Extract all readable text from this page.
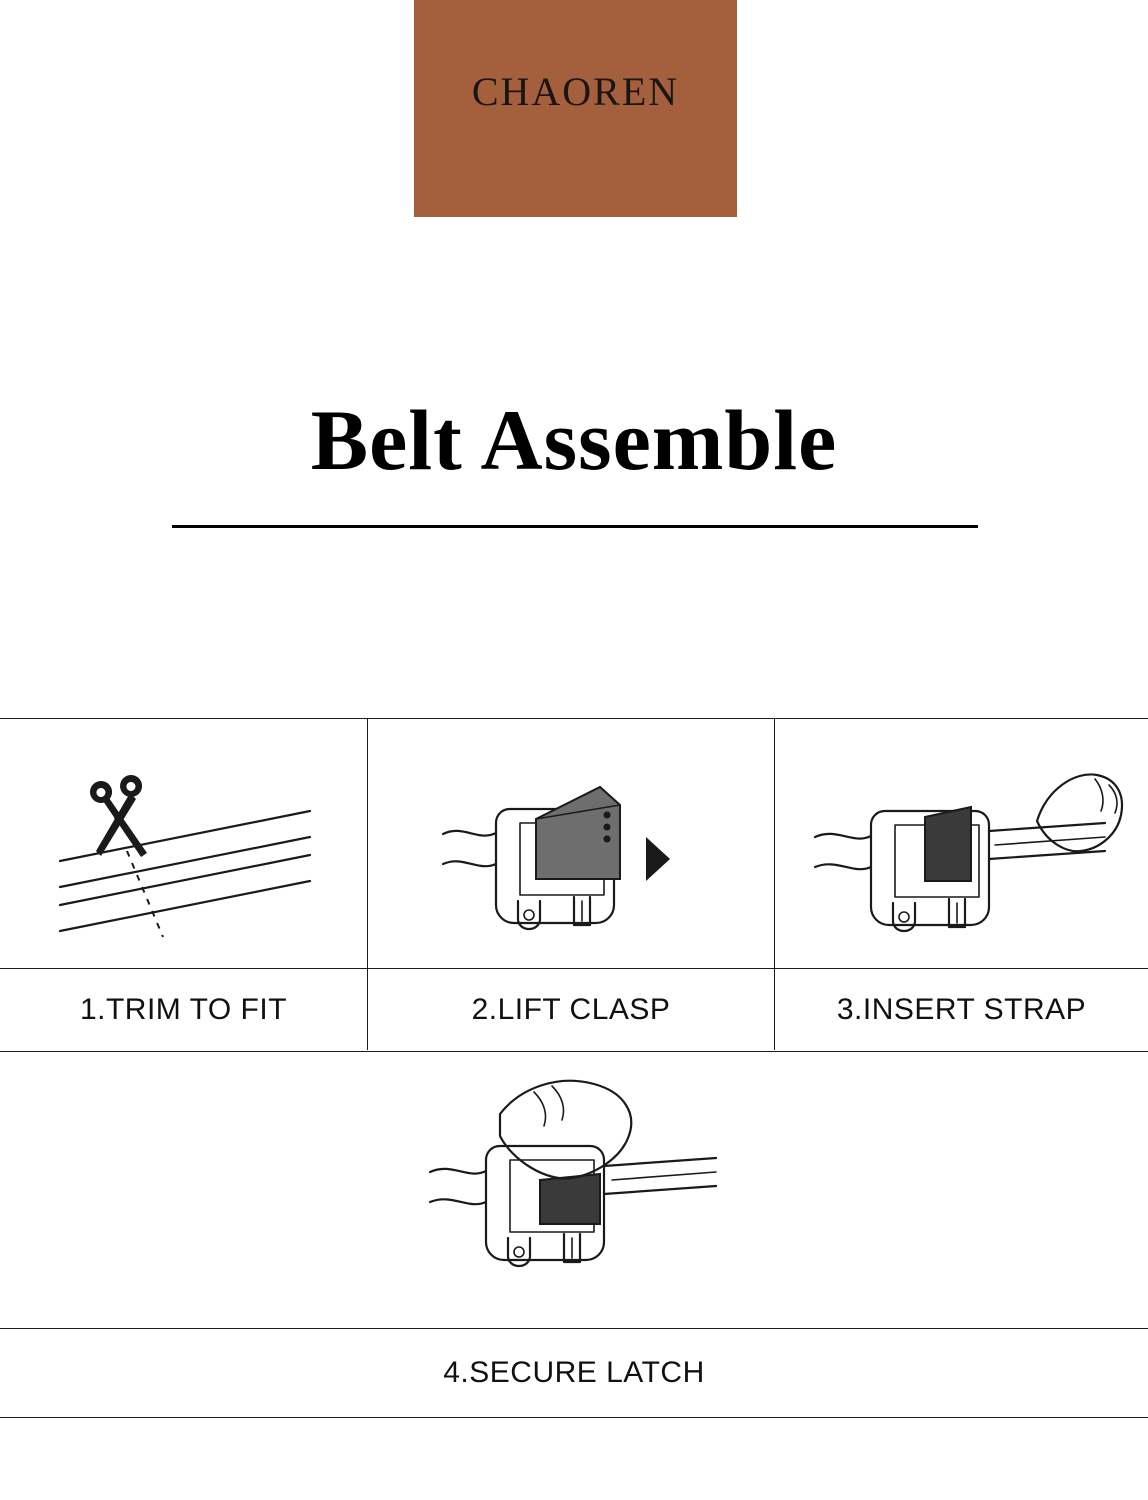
CHAOREN
Belt Assemble
1.TRIM TO FIT	2.LIFT CLASP	3.INSERT STRAP
4.SECURE LATCH
